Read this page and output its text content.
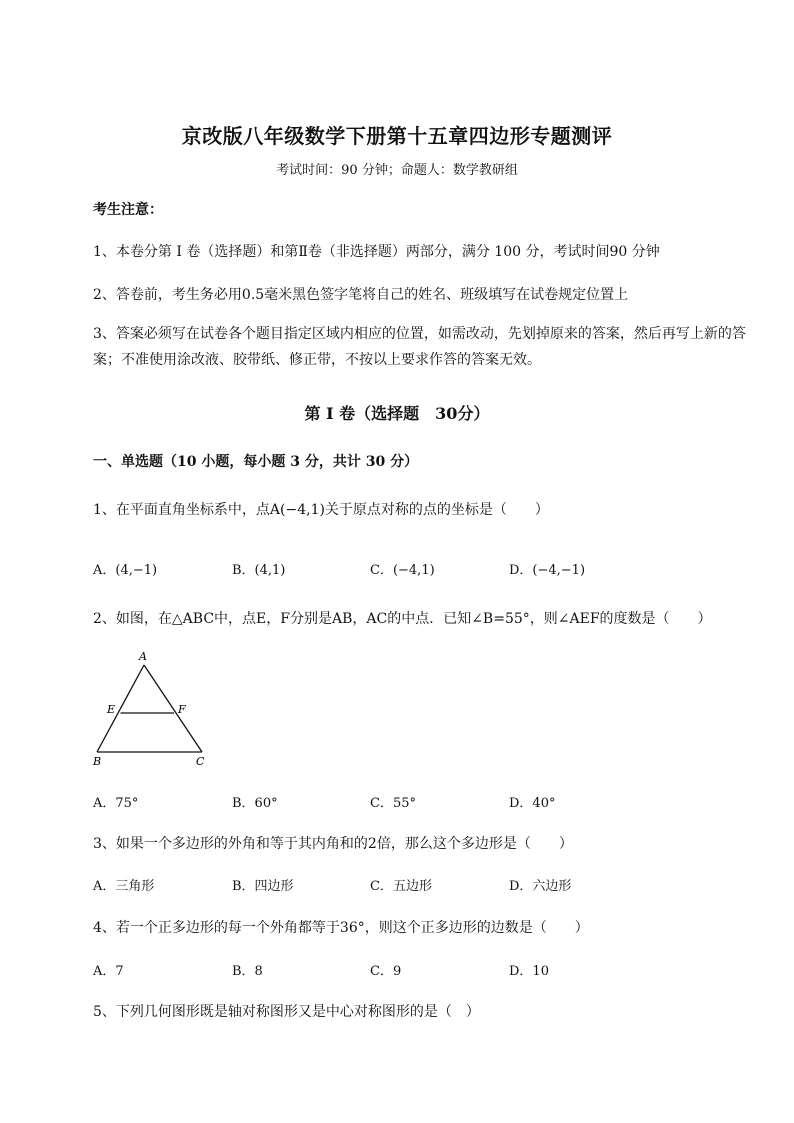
京改版八年级数学下册第十五章四边形专题测评
考试时间：90 分钟；命题人：数学教研组
考生注意：
1、本卷分第 I 卷（选择题）和第Ⅱ卷（非选择题）两部分，满分 100 分，考试时间90 分钟
2、答卷前，考生务必用0.5毫米黑色签字笔将自己的姓名、班级填写在试卷规定位置上
3、答案必须写在试卷各个题目指定区域内相应的位置，如需改动，先划掉原来的答案，然后再写上新的答案；不准使用涂改液、胶带纸、修正带，不按以上要求作答的答案无效。
第 I 卷（选择题　30分）
一、单选题（10 小题，每小题 3 分，共计 30 分）
1、在平面直角坐标系中，点A(−4,1)关于原点对称的点的坐标是（　　）
A．(4,−1)	B．(4,1)	C．(−4,1)	D．(−4,−1)
2、如图，在△ABC中，点E，F分别是AB，AC的中点．已知∠B=55°，则∠AEF的度数是（　　）
A
B	C
E	F
A．75°	B．60°	C．55°	D．40°
3、如果一个多边形的外角和等于其内角和的2倍，那么这个多边形是（　　）
A．三角形	B．四边形	C．五边形	D．六边形
4、若一个正多边形的每一个外角都等于36°，则这个正多边形的边数是（　　）
A．7	B．8	C．9	D．10
5、下列几何图形既是轴对称图形又是中心对称图形的是（　）
